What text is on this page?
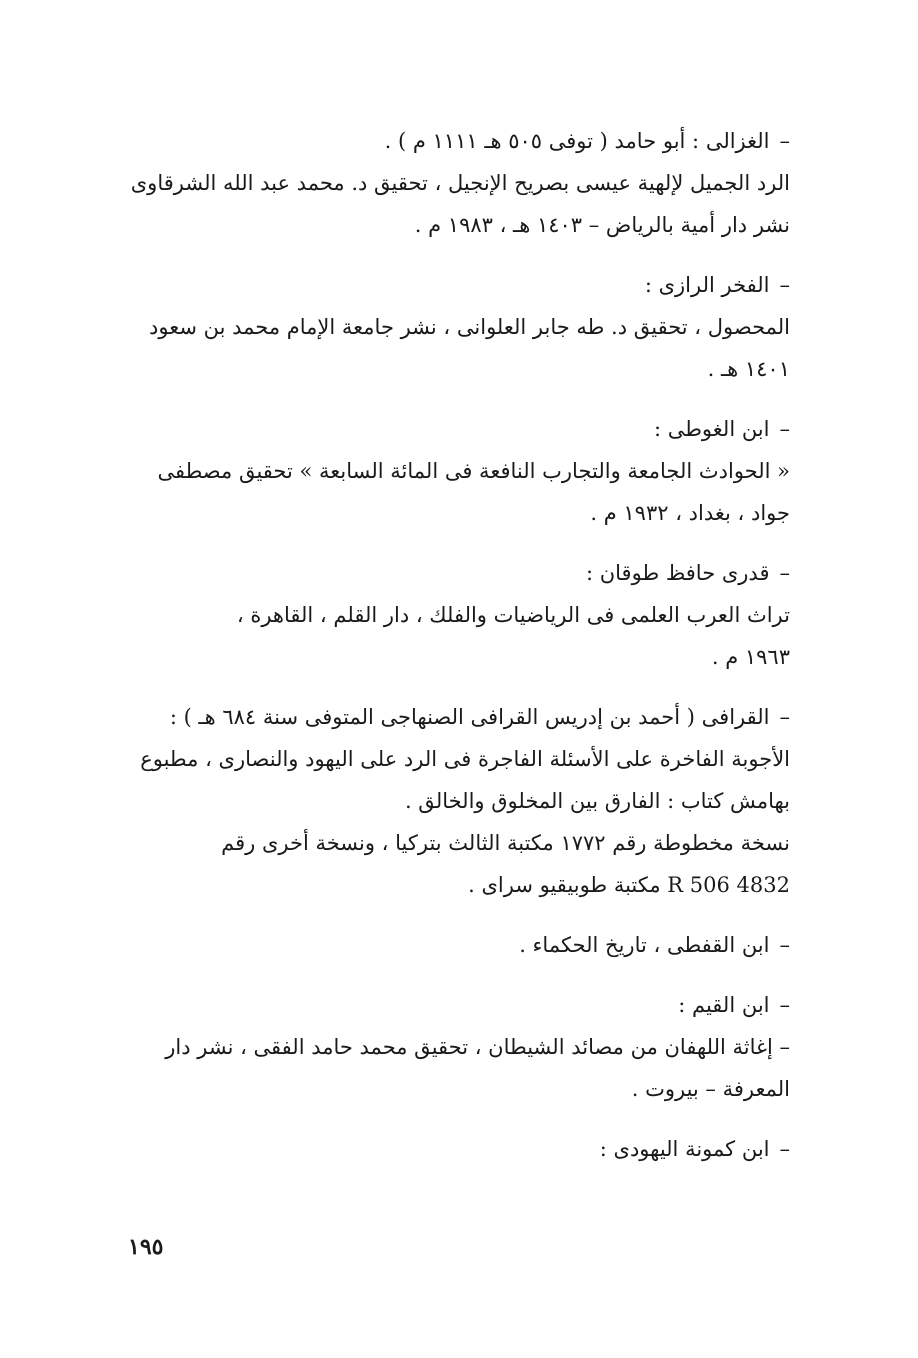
–الغزالى : أبو حامد ( توفى ٥٠٥ هـ ١١١١ م ) .

الرد الجميل لإلهية عيسى بصريح الإنجيل ، تحقيق د. محمد عبد الله الشرقاوى

نشر دار أمية بالرياض – ١٤٠٣ هـ ، ١٩٨٣ م .

–الفخر الرازى :

المحصول ، تحقيق د. طه جابر العلوانى ، نشر جامعة الإمام محمد بن سعود

١٤٠١ هـ .

–ابن الغوطى :

« الحوادث الجامعة والتجارب النافعة فى المائة السابعة » تحقيق مصطفى

جواد ، بغداد ، ١٩٣٢ م .

–قدرى حافظ طوقان :

تراث العرب العلمى فى الرياضيات والفلك ، دار القلم ، القاهرة ،

١٩٦٣ م .

–القرافى ( أحمد بن إدريس القرافى الصنهاجى المتوفى سنة ٦٨٤ هـ ) :

الأجوبة الفاخرة على الأسئلة الفاجرة فى الرد على اليهود والنصارى ، مطبوع

بهامش كتاب : الفارق بين المخلوق والخالق .

نسخة مخطوطة رقم ١٧٧٢ مكتبة الثالث بتركيا ، ونسخة أخرى رقم

4832 R 506 مكتبة طوبيقيو سراى .

–ابن القفطى ، تاريخ الحكماء .

–ابن القيم :

– إغاثة اللهفان من مصائد الشيطان ، تحقيق محمد حامد الفقى ، نشر دار

المعرفة – بيروت .

–ابن كمونة اليهودى :

١٩٥
